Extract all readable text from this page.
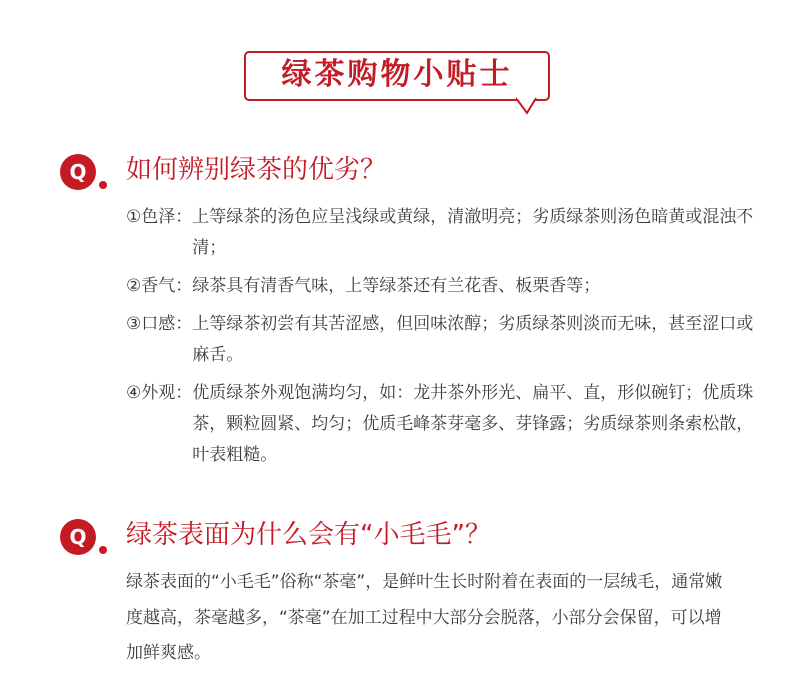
绿茶购物小贴士
Q 如何辨别绿茶的优劣？
①色泽： 上等绿茶的汤色应呈浅绿或黄绿，清澈明亮；劣质绿茶则汤色暗黄或混浊不清；
②香气： 绿茶具有清香气味，上等绿茶还有兰花香、板栗香等；
③口感： 上等绿茶初尝有其苦涩感，但回味浓醇；劣质绿茶则淡而无味，甚至涩口或麻舌。
④外观： 优质绿茶外观饱满均匀，如：龙井茶外形光、扁平、直，形似碗钉；优质珠茶，颗粒圆紧、均匀；优质毛峰茶芽毫多、芽锋露；劣质绿茶则条索松散，叶表粗糙。
Q 绿茶表面为什么会有“小毛毛”？
绿茶表面的“小毛毛”俗称“茶毫”，是鲜叶生长时附着在表面的一层绒毛，通常嫩度越高，茶毫越多，“茶毫”在加工过程中大部分会脱落，小部分会保留，可以增加鲜爽感。
